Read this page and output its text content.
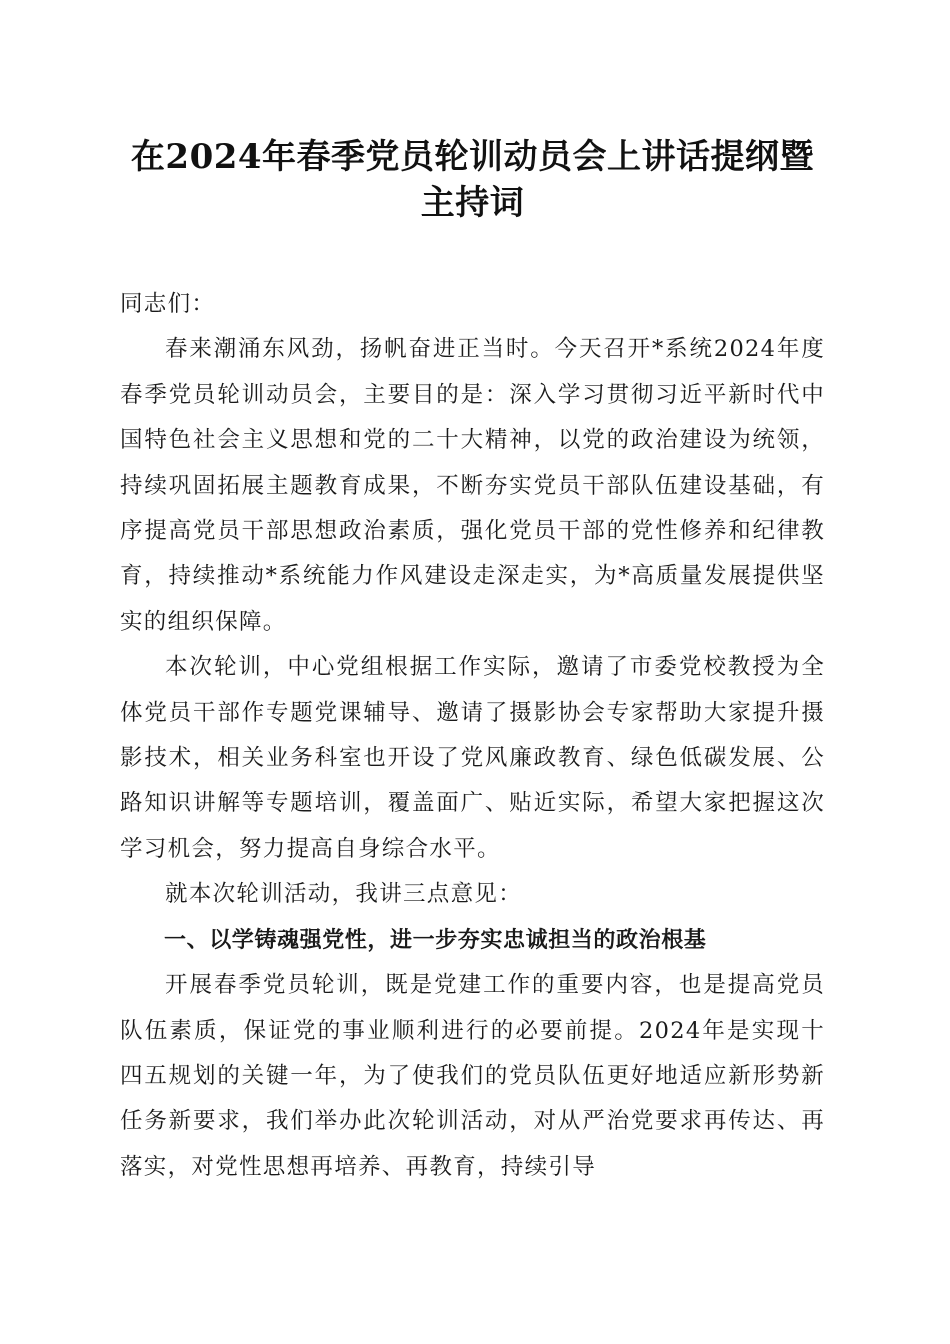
在2024年春季党员轮训动员会上讲话提纲暨
主持词

同志们：

春来潮涌东风劲，扬帆奋进正当时。今天召开*系统2024年度春季党员轮训动员会，主要目的是：深入学习贯彻习近平新时代中国特色社会主义思想和党的二十大精神，以党的政治建设为统领，持续巩固拓展主题教育成果，不断夯实党员干部队伍建设基础，有序提高党员干部思想政治素质，强化党员干部的党性修养和纪律教育，持续推动*系统能力作风建设走深走实，为*高质量发展提供坚实的组织保障。

本次轮训，中心党组根据工作实际，邀请了市委党校教授为全体党员干部作专题党课辅导、邀请了摄影协会专家帮助大家提升摄影技术，相关业务科室也开设了党风廉政教育、绿色低碳发展、公路知识讲解等专题培训，覆盖面广、贴近实际，希望大家把握这次学习机会，努力提高自身综合水平。

就本次轮训活动，我讲三点意见：

一、以学铸魂强党性，进一步夯实忠诚担当的政治根基

开展春季党员轮训，既是党建工作的重要内容，也是提高党员队伍素质，保证党的事业顺利进行的必要前提。2024年是实现十四五规划的关键一年，为了使我们的党员队伍更好地适应新形势新任务新要求，我们举办此次轮训活动，对从严治党要求再传达、再落实，对党性思想再培养、再教育，持续引导
